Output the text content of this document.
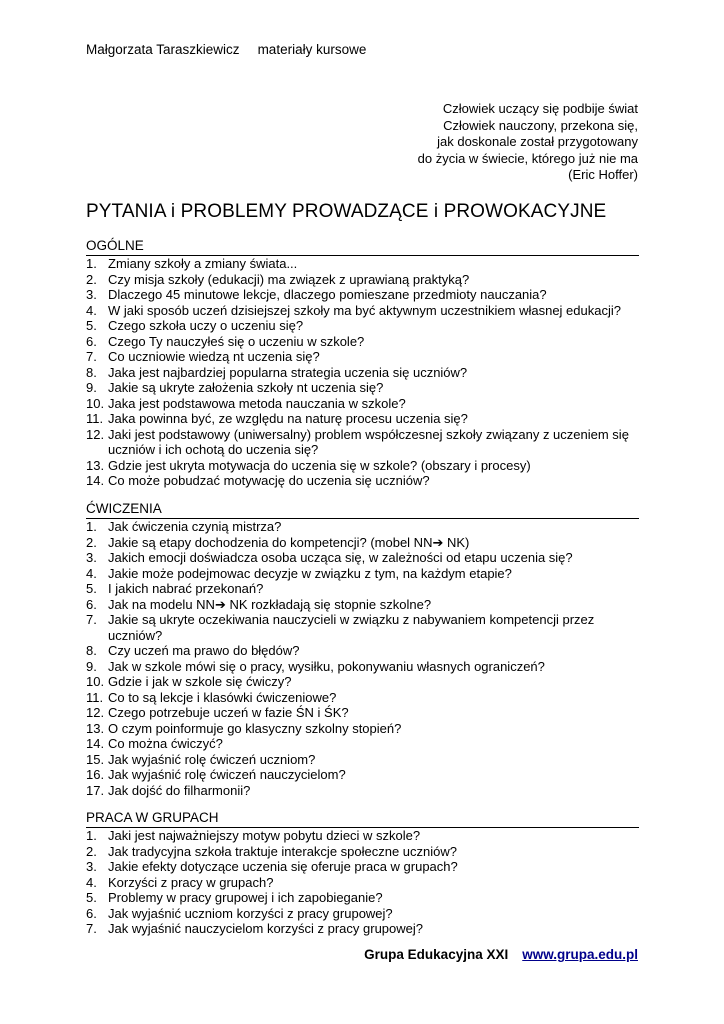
Małgorzata Taraszkiewicz materiały kursowe
Człowiek uczący się podbije świat
Człowiek nauczony, przekona się,
jak doskonale został przygotowany
do życia w świecie, którego już nie ma
(Eric Hoffer)
PYTANIA i PROBLEMY PROWADZĄCE i PROWOKACYJNE
OGÓLNE
1. Zmiany szkoły a zmiany świata...
2. Czy misja szkoły (edukacji) ma związek z uprawianą praktyką?
3. Dlaczego 45 minutowe lekcje, dlaczego pomieszane przedmioty nauczania?
4. W jaki sposób uczeń dzisiejszej szkoły ma być aktywnym uczestnikiem własnej edukacji?
5. Czego szkoła uczy o uczeniu się?
6. Czego Ty nauczyłeś się o uczeniu w szkole?
7. Co uczniowie wiedzą nt uczenia się?
8. Jaka jest najbardziej popularna strategia uczenia się uczniów?
9. Jakie są ukryte założenia szkoły nt uczenia się?
10. Jaka jest podstawowa metoda nauczania w szkole?
11. Jaka powinna być, ze względu na naturę procesu uczenia się?
12. Jaki jest podstawowy (uniwersalny) problem współczesnej szkoły związany z uczeniem się uczniów i ich ochotą do uczenia się?
13. Gdzie jest ukryta motywacja do uczenia się w szkole? (obszary i procesy)
14. Co może pobudzać motywację do uczenia się uczniów?
ĆWICZENIA
1. Jak ćwiczenia czynią mistrza?
2. Jakie są etapy dochodzenia do kompetencji? (mobel NN➔ NK)
3. Jakich emocji doświadcza osoba ucząca się, w zależności od etapu uczenia się?
4. Jakie może podejmowac decyzje w związku z tym, na każdym etapie?
5. I jakich nabrać przekonań?
6. Jak na modelu NN➔ NK rozkładają się stopnie szkolne?
7. Jakie są ukryte oczekiwania nauczycieli w związku z nabywaniem kompetencji przez uczniów?
8. Czy uczeń ma prawo do błędów?
9. Jak w szkole mówi się o pracy, wysiłku, pokonywaniu własnych ograniczeń?
10. Gdzie i jak w szkole się ćwiczy?
11. Co to są lekcje i klasówki ćwiczeniowe?
12. Czego potrzebuje uczeń w fazie ŚN i ŚK?
13. O czym poinformuje go klasyczny szkolny stopień?
14. Co można ćwiczyć?
15. Jak wyjaśnić rolę ćwiczeń uczniom?
16. Jak wyjaśnić rolę ćwiczeń nauczycielom?
17. Jak dojść do filharmonii?
PRACA W GRUPACH
1. Jaki jest najważniejszy motyw pobytu dzieci w szkole?
2. Jak tradycyjna szkoła traktuje interakcje społeczne uczniów?
3. Jakie efekty dotyczące uczenia się oferuje praca w grupach?
4. Korzyści z pracy w grupach?
5. Problemy w pracy grupowej i ich zapobieganie?
6. Jak wyjaśnić uczniom korzyści z pracy grupowej?
7. Jak wyjaśnić nauczycielom korzyści z pracy grupowej?
Grupa Edukacyjna XXI www.grupa.edu.pl
